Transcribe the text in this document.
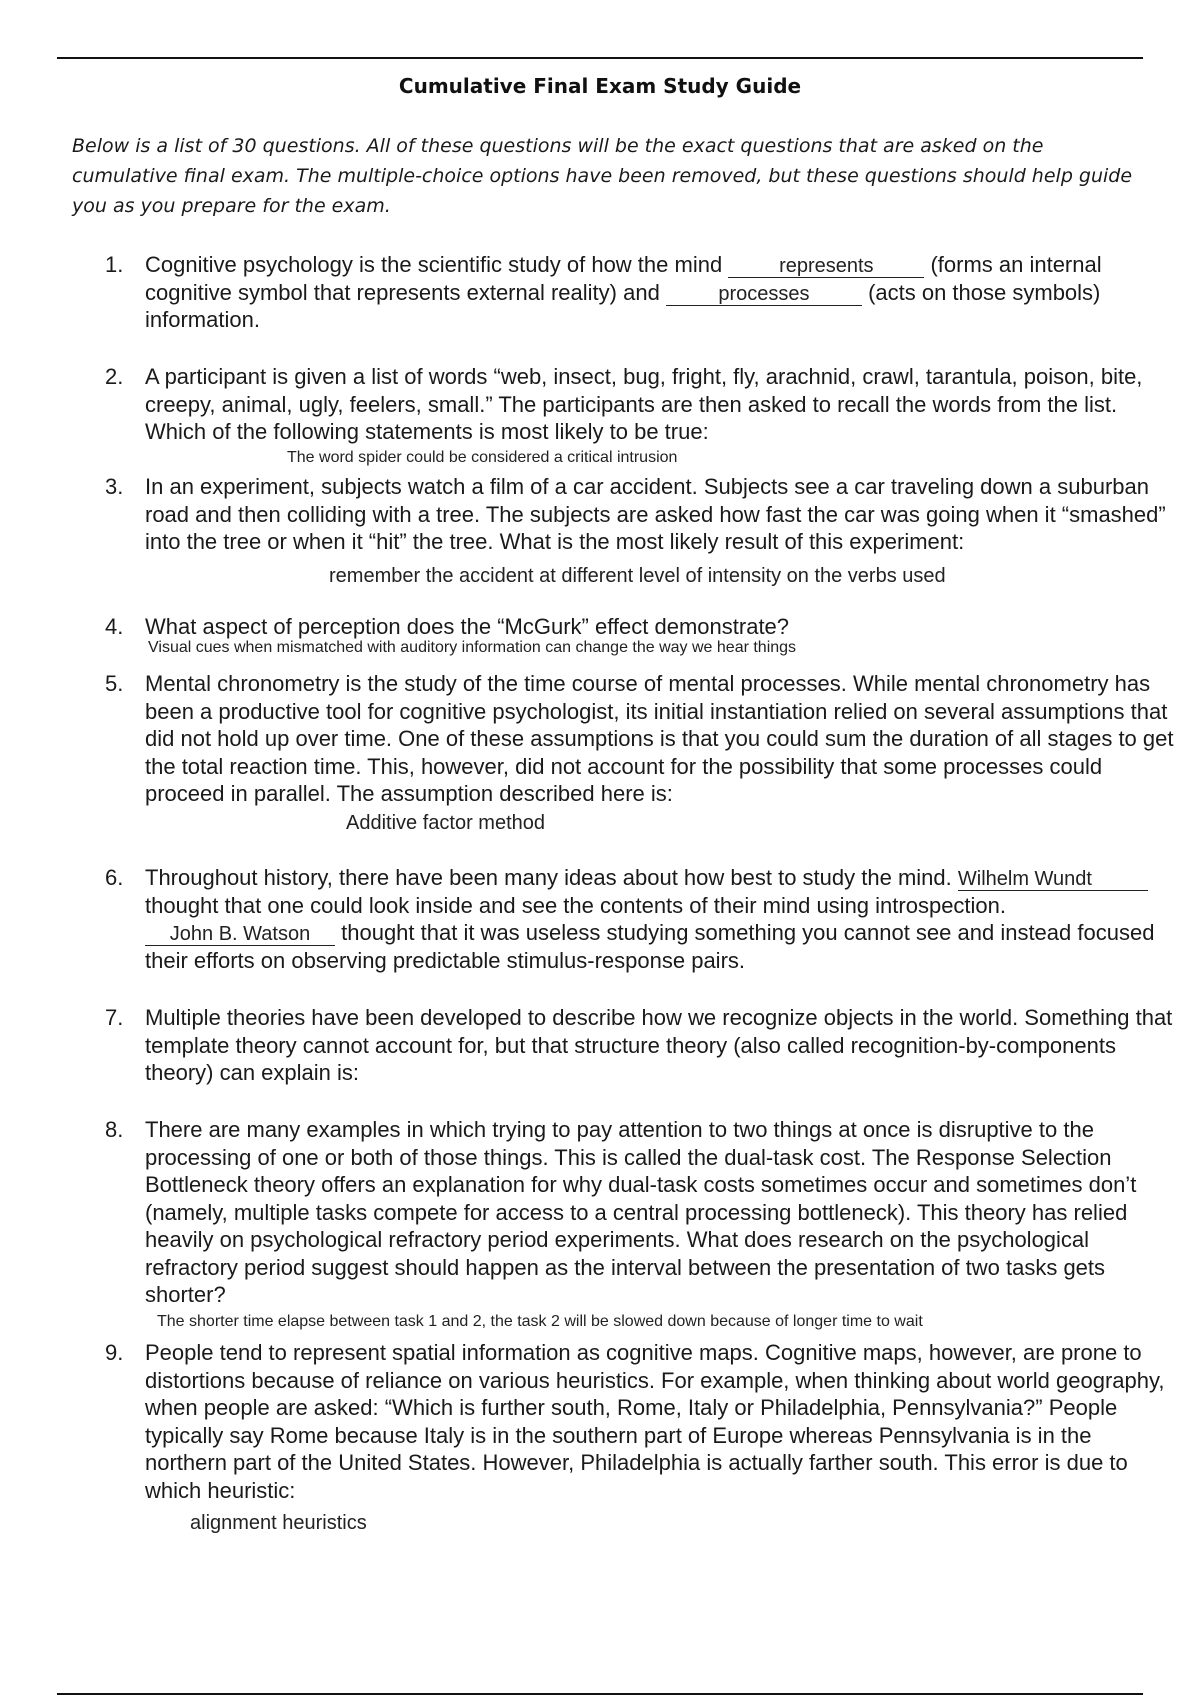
Cumulative Final Exam Study Guide
Below is a list of 30 questions. All of these questions will be the exact questions that are asked on the cumulative final exam. The multiple-choice options have been removed, but these questions should help guide you as you prepare for the exam.
1. Cognitive psychology is the scientific study of how the mind	represents	(forms an internal cognitive symbol that represents external reality) and	processes	(acts on those symbols) information.
2. A participant is given a list of words “web, insect, bug, fright, fly, arachnid, crawl, tarantula, poison, bite, creepy, animal, ugly, feelers, small.” The participants are then asked to recall the words from the list. Which of the following statements is most likely to be true:
The word spider could be considered a critical intrusion
3. In an experiment, subjects watch a film of a car accident. Subjects see a car traveling down a suburban road and then colliding with a tree. The subjects are asked how fast the car was going when it “smashed” into the tree or when it “hit” the tree. What is the most likely result of this experiment:
remember the accident at different level of intensity on the verbs used
4. What aspect of perception does the “McGurk” effect demonstrate?
Visual cues when mismatched with auditory information can change the way we hear things
5. Mental chronometry is the study of the time course of mental processes. While mental chronometry has been a productive tool for cognitive psychologist, its initial instantiation relied on several assumptions that did not hold up over time. One of these assumptions is that you could sum the duration of all stages to get the total reaction time. This, however, did not account for the possibility that some processes could proceed in parallel. The assumption described here is:
Additive factor method
6. Throughout history, there have been many ideas about how best to study the mind. Wilhelm Wundt thought that one could look inside and see the contents of their mind using introspection. John B. Watson thought that it was useless studying something you cannot see and instead focused their efforts on observing predictable stimulus-response pairs.
7. Multiple theories have been developed to describe how we recognize objects in the world. Something that template theory cannot account for, but that structure theory (also called recognition-by-components theory) can explain is:
8. There are many examples in which trying to pay attention to two things at once is disruptive to the processing of one or both of those things. This is called the dual-task cost. The Response Selection Bottleneck theory offers an explanation for why dual-task costs sometimes occur and sometimes don’t (namely, multiple tasks compete for access to a central processing bottleneck). This theory has relied heavily on psychological refractory period experiments. What does research on the psychological refractory period suggest should happen as the interval between the presentation of two tasks gets shorter?
The shorter time elapse between task 1 and 2, the task 2 will be slowed down because of longer time to wait
9. People tend to represent spatial information as cognitive maps. Cognitive maps, however, are prone to distortions because of reliance on various heuristics. For example, when thinking about world geography, when people are asked: “Which is further south, Rome, Italy or Philadelphia, Pennsylvania?” People typically say Rome because Italy is in the southern part of Europe whereas Pennsylvania is in the northern part of the United States. However, Philadelphia is actually farther south. This error is due to which heuristic:
alignment heuristics
